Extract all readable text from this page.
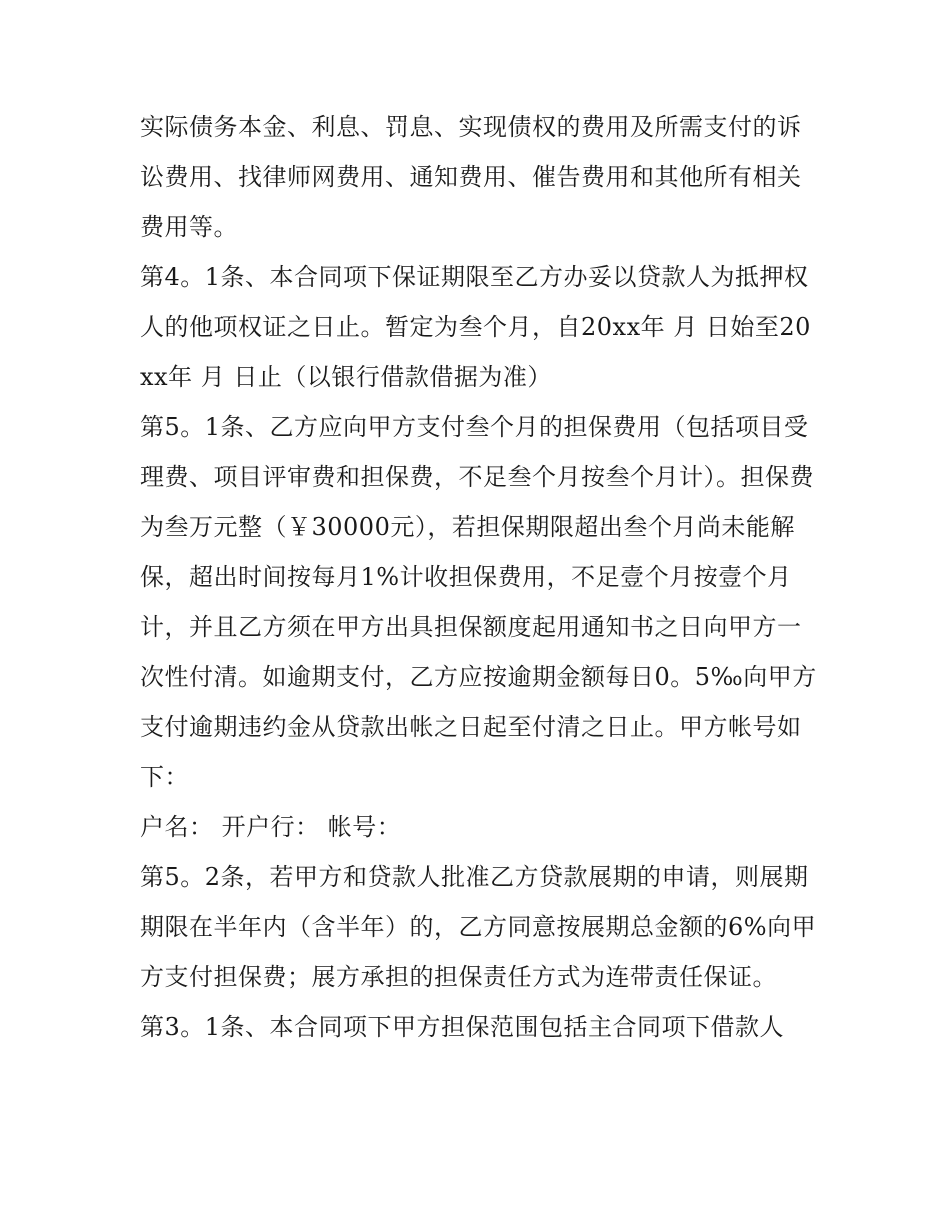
实际债务本金、利息、罚息、实现债权的费用及所需支付的诉讼费用、找律师网费用、通知费用、催告费用和其他所有相关费用等。

第4。1条、本合同项下保证期限至乙方办妥以贷款人为抵押权人的他项权证之日止。暂定为叁个月，自20xx年 月 日始至20xx年 月 日止（以银行借款借据为准）

第5。1条、乙方应向甲方支付叁个月的担保费用（包括项目受理费、项目评审费和担保费，不足叁个月按叁个月计）。担保费为叁万元整（￥30000元），若担保期限超出叁个月尚未能解保，超出时间按每月1%计收担保费用，不足壹个月按壹个月计，并且乙方须在甲方出具担保额度起用通知书之日向甲方一次性付清。如逾期支付，乙方应按逾期金额每日0。5‰向甲方支付逾期违约金从贷款出帐之日起至付清之日止。甲方帐号如下：

户名： 开户行： 帐号：

第5。2条，若甲方和贷款人批准乙方贷款展期的申请，则展期期限在半年内（含半年）的，乙方同意按展期总金额的6%向甲方支付担保费；展方承担的担保责任方式为连带责任保证。

第3。1条、本合同项下甲方担保范围包括主合同项下借款人
